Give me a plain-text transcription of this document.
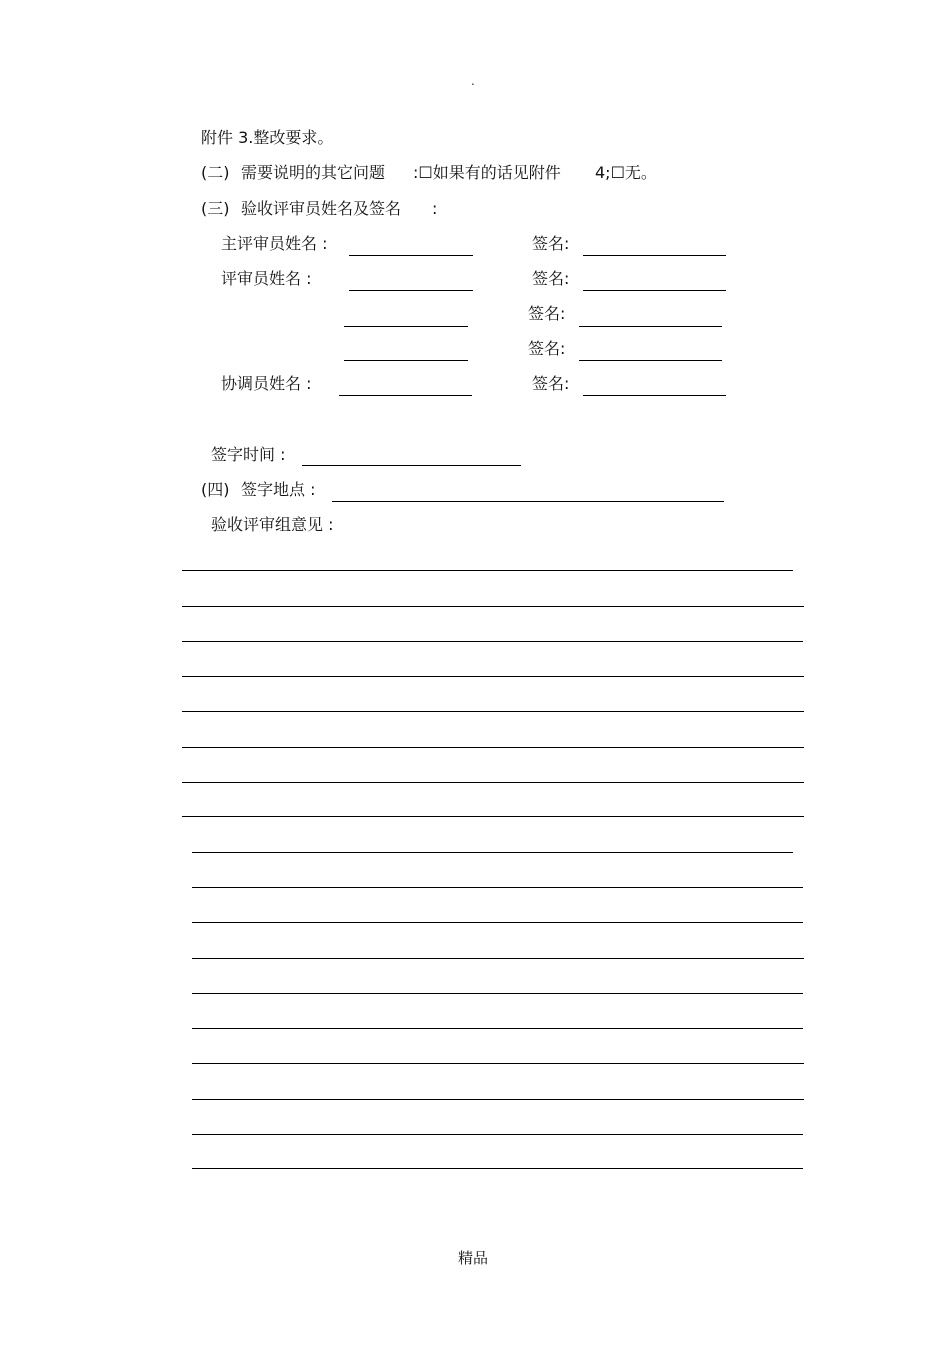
.
附件 3.整改要求。
(二) 需要说明的其它问题 :☐如果有的话见附件 4;☐无。
(三) 验收评审员姓名及签名 :
主评审员姓名 :	签名:
评审员姓名 :	签名:
签名:
签名:
协调员姓名 :	签名:
签字时间 :
(四) 签字地点 :
验收评审组意见 :
精品
